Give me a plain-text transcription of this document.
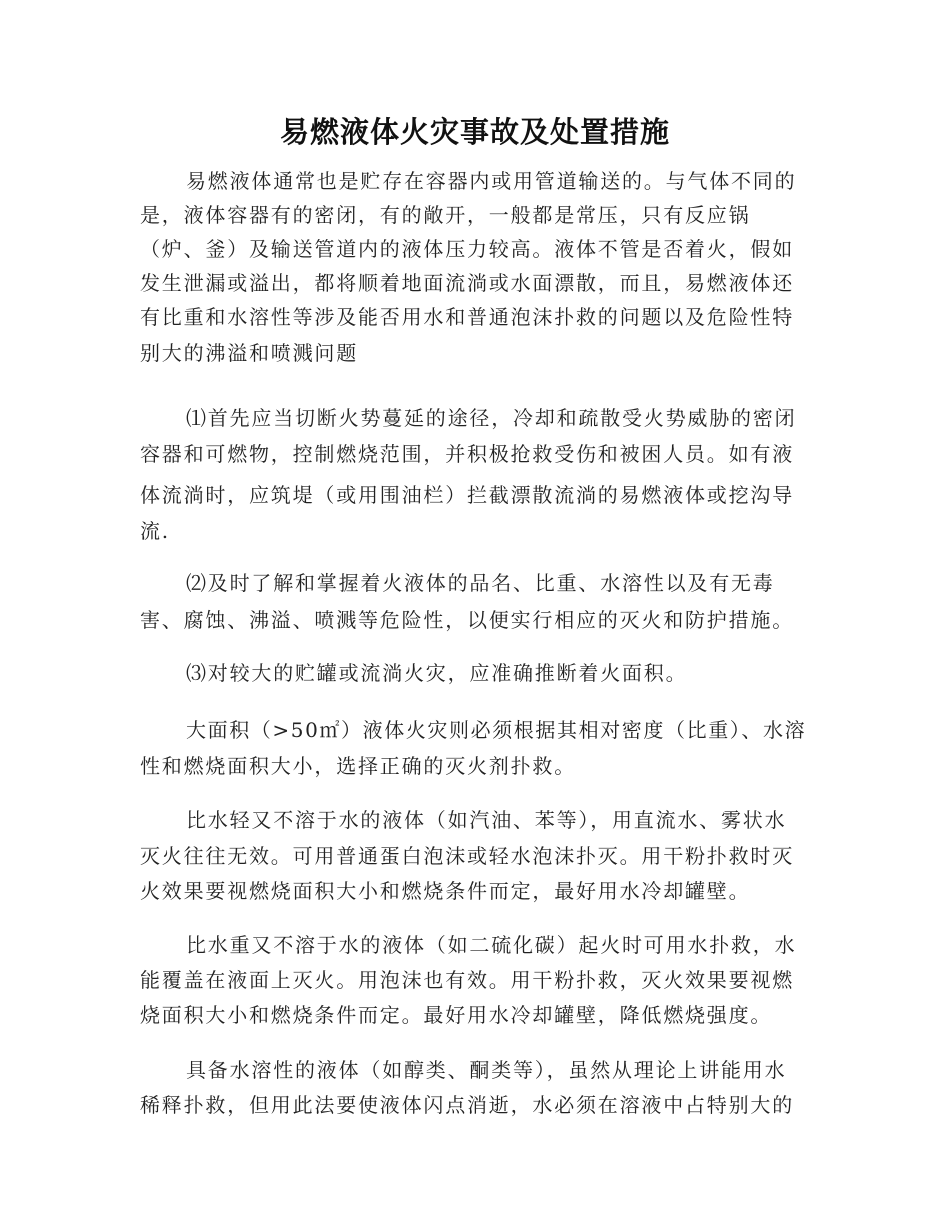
易燃液体火灾事故及处置措施
易燃液体通常也是贮存在容器内或用管道输送的。与气体不同的
是，液体容器有的密闭，有的敞开，一般都是常压，只有反应锅
（炉、釜）及输送管道内的液体压力较高。液体不管是否着火，假如
发生泄漏或溢出，都将顺着地面流淌或水面漂散，而且，易燃液体还
有比重和水溶性等涉及能否用水和普通泡沫扑救的问题以及危险性特
别大的沸溢和喷溅问题
⑴首先应当切断火势蔓延的途径，冷却和疏散受火势威胁的密闭
容器和可燃物，控制燃烧范围，并积极抢救受伤和被困人员。如有液
体流淌时，应筑堤（或用围油栏）拦截漂散流淌的易燃液体或挖沟导
流.
⑵及时了解和掌握着火液体的品名、比重、水溶性以及有无毒
害、腐蚀、沸溢、喷溅等危险性，以便实行相应的灭火和防护措施。
⑶对较大的贮罐或流淌火灾，应准确推断着火面积。
大面积（>50㎡）液体火灾则必须根据其相对密度（比重）、水溶
性和燃烧面积大小，选择正确的灭火剂扑救。
比水轻又不溶于水的液体（如汽油、苯等），用直流水、雾状水
灭火往往无效。可用普通蛋白泡沫或轻水泡沫扑灭。用干粉扑救时灭
火效果要视燃烧面积大小和燃烧条件而定，最好用水冷却罐壁。
比水重又不溶于水的液体（如二硫化碳）起火时可用水扑救，水
能覆盖在液面上灭火。用泡沫也有效。用干粉扑救，灭火效果要视燃
烧面积大小和燃烧条件而定。最好用水冷却罐壁，降低燃烧强度。
具备水溶性的液体（如醇类、酮类等），虽然从理论上讲能用水
稀释扑救，但用此法要使液体闪点消逝，水必须在溶液中占特别大的
